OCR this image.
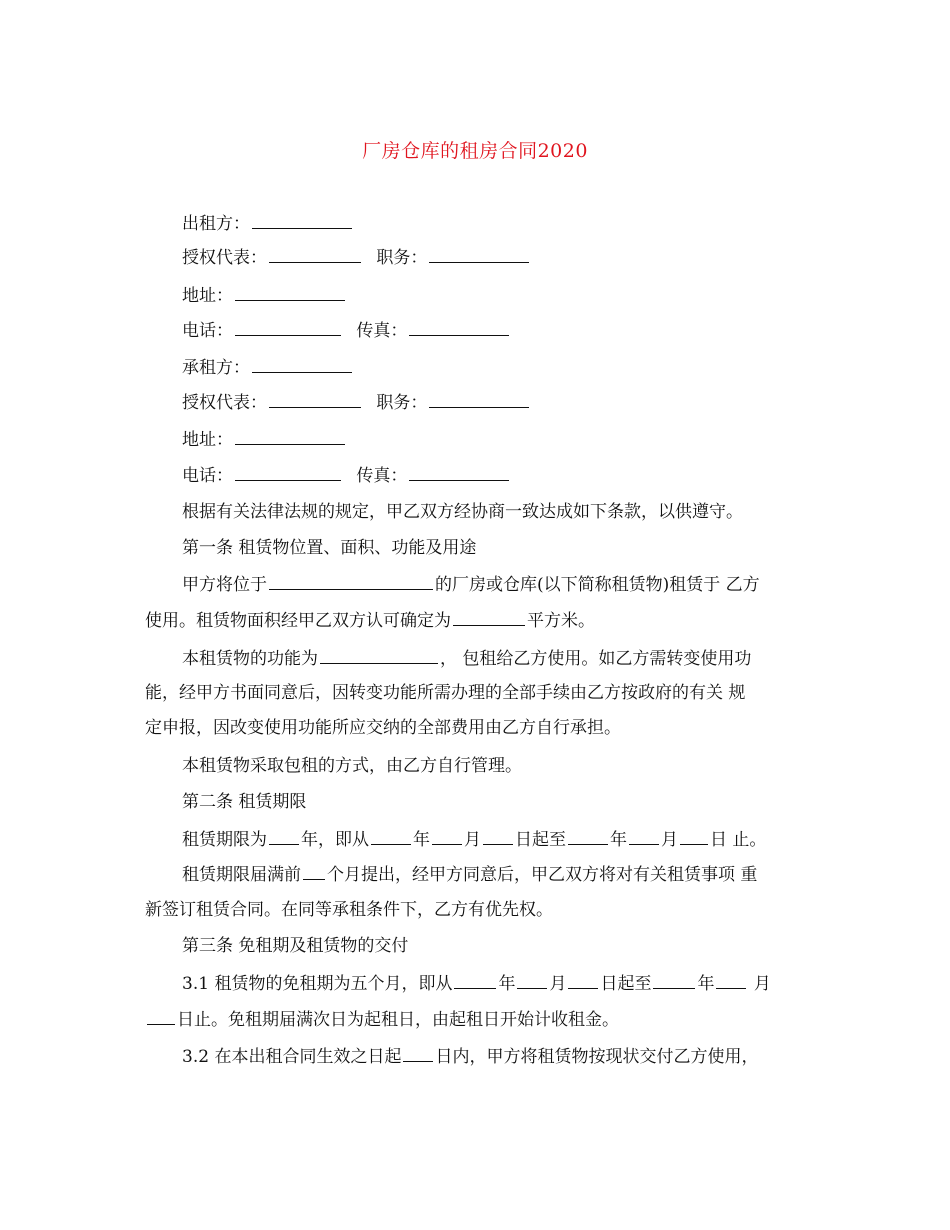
厂房仓库的租房合同2020
出租方：
授权代表：	职务：
地址：
电话：	传真：
承租方：
授权代表：	职务：
地址：
电话：	传真：
根据有关法律法规的规定，甲乙双方经协商一致达成如下条款，以供遵守。
第一条 租赁物位置、面积、功能及用途
甲方将位于	的厂房或仓库(以下简称租赁物)租赁于 乙方
使用。租赁物面积经甲乙双方认可确定为	平方米。
本租赁物的功能为	， 包租给乙方使用。如乙方需转变使用功
能，经甲方书面同意后，因转变功能所需办理的全部手续由乙方按政府的有关 规
定申报，因改变使用功能所应交纳的全部费用由乙方自行承担。
本租赁物采取包租的方式，由乙方自行管理。
第二条 租赁期限
租赁期限为 年，即从	年 月 日起至	年 月 日 止。
租赁期限届满前 个月提出，经甲方同意后，甲乙双方将对有关租赁事项 重
新签订租赁合同。在同等承租条件下，乙方有优先权。
第三条 免租期及租赁物的交付
3.1 租赁物的免租期为五个月，即从	年 月 日起至	年 月
日止。免租期届满次日为起租日，由起租日开始计收租金。
3.2 在本出租合同生效之日起 日内，甲方将租赁物按现状交付乙方使用，
